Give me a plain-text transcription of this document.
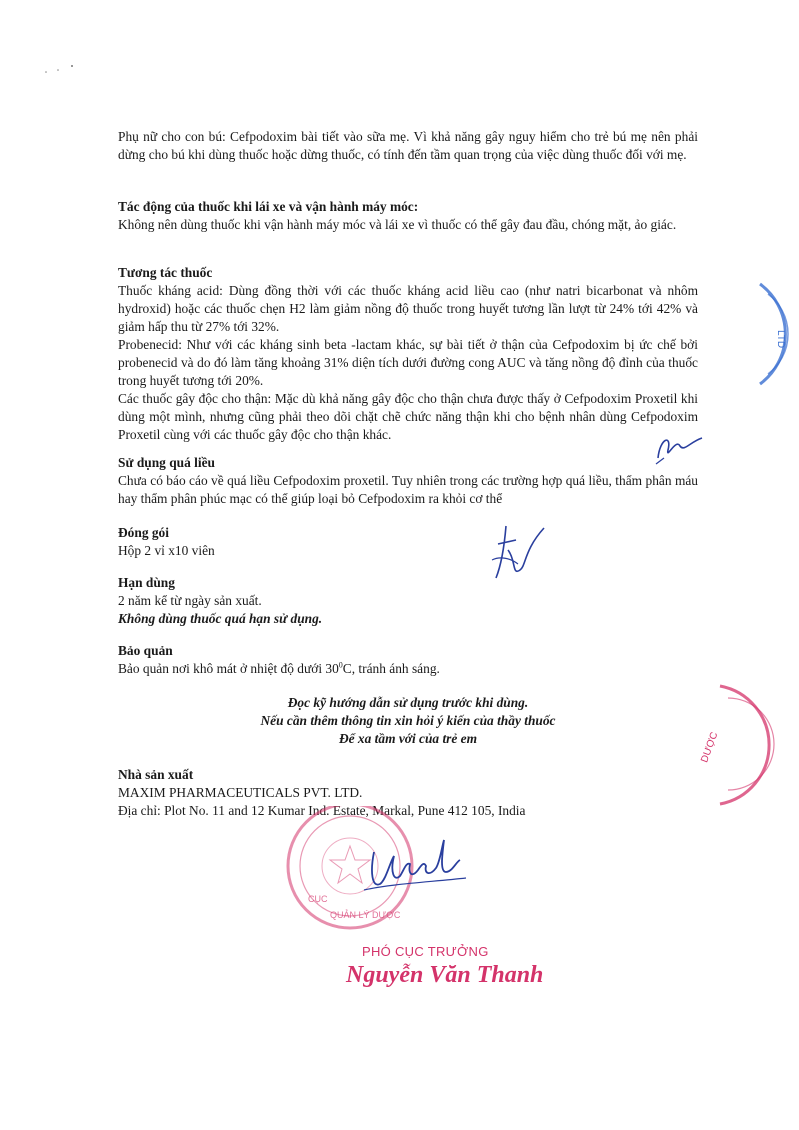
Phụ nữ cho con bú: Cefpodoxim bài tiết vào sữa mẹ. Vì khả năng gây nguy hiểm cho trẻ bú mẹ nên phải dừng cho bú khi dùng thuốc hoặc dừng thuốc, có tính đến tầm quan trọng của việc dùng thuốc đối với mẹ.

Tác động của thuốc khi lái xe và vận hành máy móc:

Không nên dùng thuốc khi vận hành máy móc và lái xe vì thuốc có thể gây đau đầu, chóng mặt, ảo giác.

Tương tác thuốc

Thuốc kháng acid: Dùng đồng thời với các thuốc kháng acid liều cao (như natri bicarbonat và nhôm hydroxid) hoặc các thuốc chẹn H2 làm giảm nồng độ thuốc trong huyết tương lần lượt từ 24% tới 42% và giảm hấp thu từ 27% tới 32%.

Probenecid: Như với các kháng sinh beta -lactam khác, sự bài tiết ở thận của Cefpodoxim bị ức chế bởi probenecid và do đó làm tăng khoảng 31% diện tích dưới đường cong AUC và tăng nồng độ đỉnh của thuốc trong huyết tương tới 20%.

Các thuốc gây độc cho thận: Mặc dù khả năng gây độc cho thận chưa được thấy ở Cefpodoxim Proxetil khi dùng một mình, nhưng cũng phải theo dõi chặt chẽ chức năng thận khi cho bệnh nhân dùng Cefpodoxim Proxetil cùng với các thuốc gây độc cho thận khác.

Sử dụng quá liều

Chưa có báo cáo về quá liều Cefpodoxim proxetil. Tuy nhiên trong các trường hợp quá liều, thẩm phân máu hay thẩm phân phúc mạc có thể giúp loại bỏ Cefpodoxim ra khỏi cơ thể

Đóng gói

Hộp 2 vỉ x10 viên

Hạn dùng

2 năm kể từ ngày sản xuất.

Không dùng thuốc quá hạn sử dụng.

Bảo quản

Bảo quản nơi khô mát ở nhiệt độ dưới $30^0C$, tránh ánh sáng.

Đọc kỹ hướng dẫn sử dụng trước khi dùng.

Nếu cần thêm thông tin xin hỏi ý kiến của thầy thuốc

Để xa tầm với của trẻ em

Nhà sản xuất

MAXIM PHARMACEUTICALS PVT. LTD.

Địa chỉ: Plot No. 11 and 12 Kumar Ind. Estate, Markal, Pune 412 105, India

LTD
DƯỢC
CỤC
QUẢN LÝ DƯỢC
PHÓ CỤC TRƯỞNG
Nguyễn Văn Thanh
